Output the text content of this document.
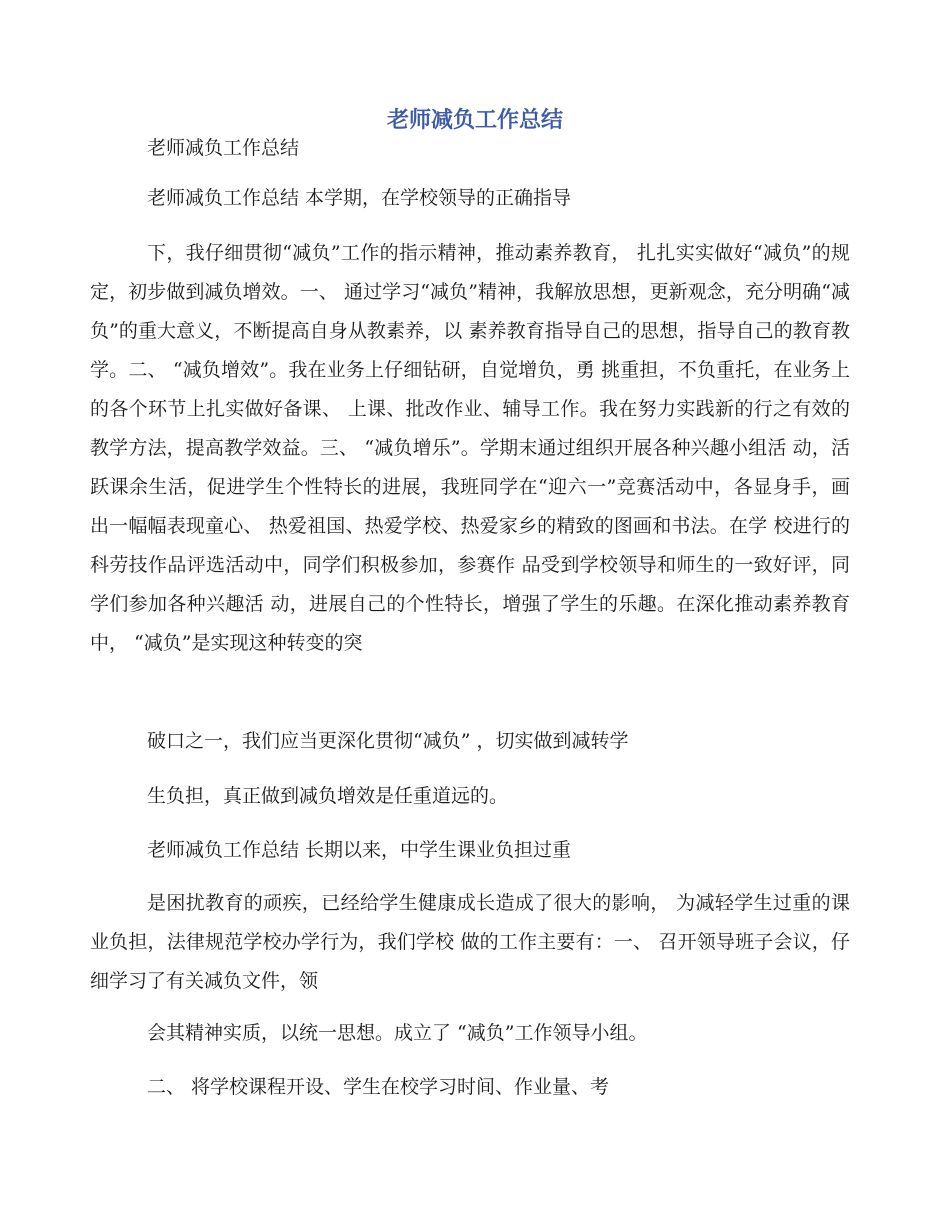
老师减负工作总结

老师减负工作总结

老师减负工作总结 本学期，在学校领导的正确指导

下，我仔细贯彻“减负”工作的指示精神，推动素养教育， 扎扎实实做好“减负”的规定，初步做到减负增效。一、 通过学习“减负”精神，我解放思想，更新观念，充分明确“减负”的重大意义，不断提高自身从教素养，以 素养教育指导自己的思想，指导自己的教育教学。二、 “减负增效”。我在业务上仔细钻研，自觉增负，勇 挑重担，不负重托，在业务上的各个环节上扎实做好备课、 上课、批改作业、辅导工作。我在努力实践新的行之有效的 教学方法，提高教学效益。三、 “减负增乐”。学期末通过组织开展各种兴趣小组活 动，活跃课余生活，促进学生个性特长的进展，我班同学在“迎六一”竞赛活动中，各显身手，画出一幅幅表现童心、 热爱祖国、热爱学校、热爱家乡的精致的图画和书法。在学 校进行的科劳技作品评选活动中，同学们积极参加，参赛作 品受到学校领导和师生的一致好评，同学们参加各种兴趣活 动，进展自己的个性特长，增强了学生的乐趣。在深化推动素养教育中， “减负”是实现这种转变的突

破口之一，我们应当更深化贯彻“减负” ，切实做到减转学

生负担，真正做到减负增效是任重道远的。

老师减负工作总结 长期以来，中学生课业负担过重

是困扰教育的顽疾，已经给学生健康成长造成了很大的影响， 为减轻学生过重的课业负担，法律规范学校办学行为，我们学校 做的工作主要有：一、 召开领导班子会议，仔细学习了有关减负文件，领

会其精神实质，以统一思想。成立了 “减负”工作领导小组。

二、 将学校课程开设、学生在校学习时间、作业量、考
